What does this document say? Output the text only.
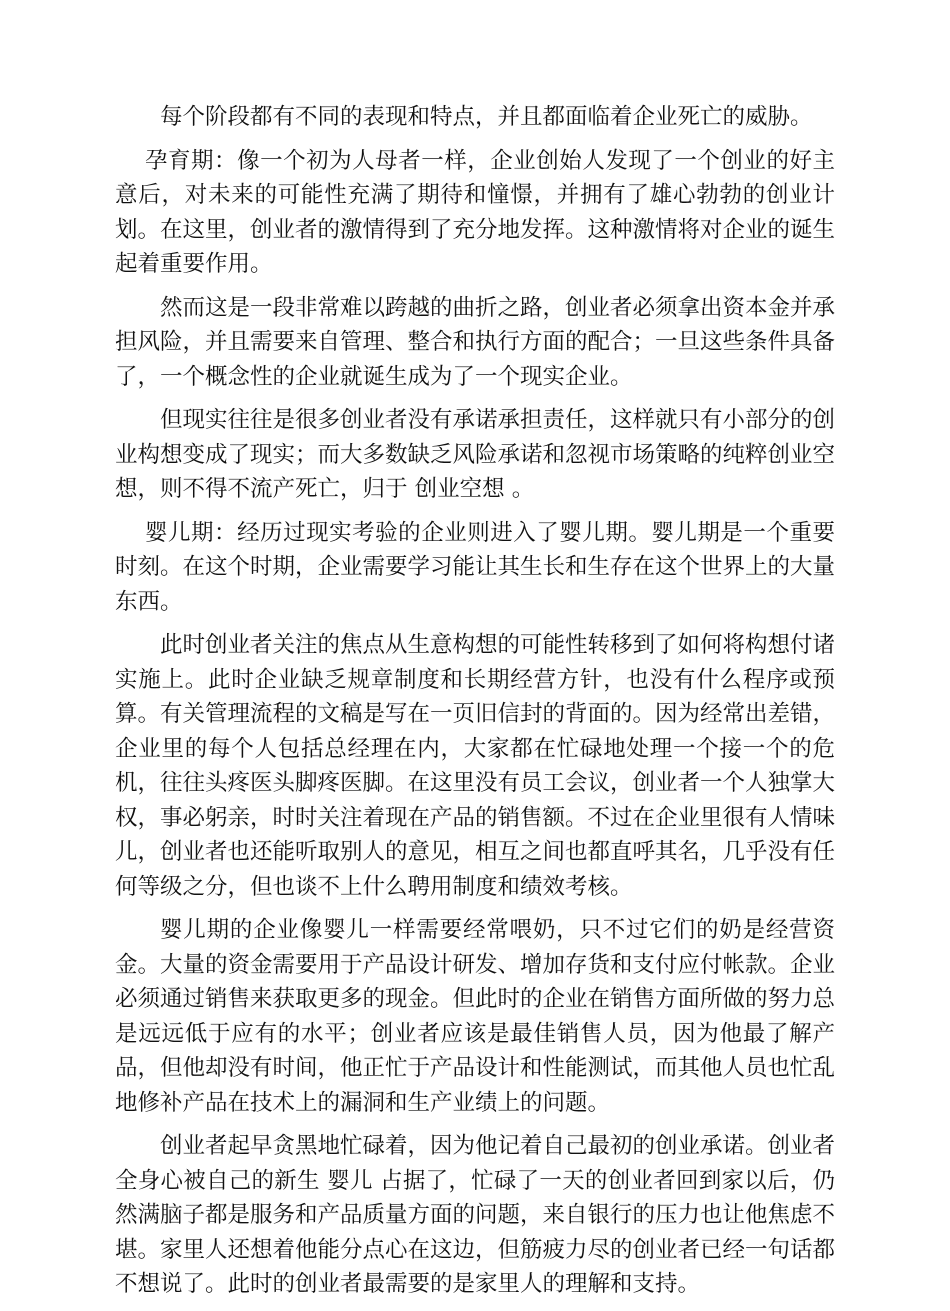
每个阶段都有不同的表现和特点，并且都面临着企业死亡的威胁。

孕育期：像一个初为人母者一样，企业创始人发现了一个创业的好主意后，对未来的可能性充满了期待和憧憬，并拥有了雄心勃勃的创业计划。在这里，创业者的激情得到了充分地发挥。这种激情将对企业的诞生起着重要作用。

然而这是一段非常难以跨越的曲折之路，创业者必须拿出资本金并承担风险，并且需要来自管理、整合和执行方面的配合；一旦这些条件具备了，一个概念性的企业就诞生成为了一个现实企业。

但现实往往是很多创业者没有承诺承担责任，这样就只有小部分的创业构想变成了现实；而大多数缺乏风险承诺和忽视市场策略的纯粹创业空想，则不得不流产死亡，归于 创业空想 。

婴儿期：经历过现实考验的企业则进入了婴儿期。婴儿期是一个重要时刻。在这个时期，企业需要学习能让其生长和生存在这个世界上的大量东西。

此时创业者关注的焦点从生意构想的可能性转移到了如何将构想付诸实施上。此时企业缺乏规章制度和长期经营方针，也没有什么程序或预算。有关管理流程的文稿是写在一页旧信封的背面的。因为经常出差错，企业里的每个人包括总经理在内，大家都在忙碌地处理一个接一个的危机，往往头疼医头脚疼医脚。在这里没有员工会议，创业者一个人独掌大权，事必躬亲，时时关注着现在产品的销售额。不过在企业里很有人情味儿，创业者也还能听取别人的意见，相互之间也都直呼其名，几乎没有任何等级之分，但也谈不上什么聘用制度和绩效考核。

婴儿期的企业像婴儿一样需要经常喂奶，只不过它们的奶是经营资金。大量的资金需要用于产品设计研发、增加存货和支付应付帐款。企业必须通过销售来获取更多的现金。但此时的企业在销售方面所做的努力总是远远低于应有的水平；创业者应该是最佳销售人员，因为他最了解产品，但他却没有时间，他正忙于产品设计和性能测试，而其他人员也忙乱地修补产品在技术上的漏洞和生产业绩上的问题。

创业者起早贪黑地忙碌着，因为他记着自己最初的创业承诺。创业者全身心被自己的新生 婴儿 占据了，忙碌了一天的创业者回到家以后，仍然满脑子都是服务和产品质量方面的问题，来自银行的压力也让他焦虑不堪。家里人还想着他能分点心在这边，但筋疲力尽的创业者已经一句话都不想说了。此时的创业者最需要的是家里人的理解和支持。
